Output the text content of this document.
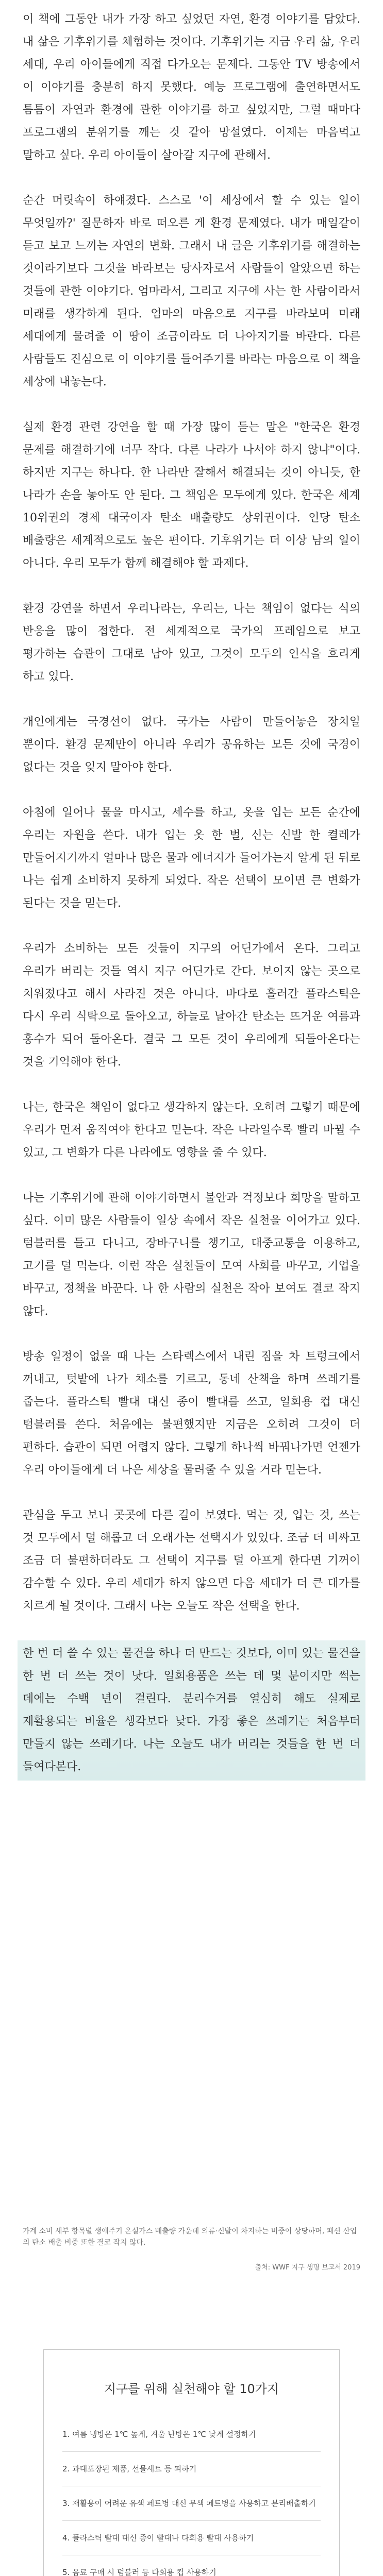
이 책에 그동안 내가 가장 하고 싶었던 자연, 환경 이야기를 담았다. 내 삶은 기후위기를 체험하는 것이다. 기후위기는 지금 우리 삶, 우리 세대, 우리 아이들에게 직접 다가오는 문제다. 그동안 TV 방송에서 이 이야기를 충분히 하지 못했다. 예능 프로그램에 출연하면서도 틈틈이 자연과 환경에 관한 이야기를 하고 싶었지만, 그럴 때마다 프로그램의 분위기를 깨는 것 같아 망설였다. 이제는 마음먹고 말하고 싶다. 우리 아이들이 살아갈 지구에 관해서.

순간 머릿속이 하얘졌다. 스스로 '이 세상에서 할 수 있는 일이 무엇일까?' 질문하자 바로 떠오른 게 환경 문제였다. 내가 매일같이 듣고 보고 느끼는 자연의 변화. 그래서 내 글은 기후위기를 해결하는 것이라기보다 그것을 바라보는 당사자로서 사람들이 알았으면 하는 것들에 관한 이야기다. 엄마라서, 그리고 지구에 사는 한 사람이라서 미래를 생각하게 된다. 엄마의 마음으로 지구를 바라보며 미래 세대에게 물려줄 이 땅이 조금이라도 더 나아지기를 바란다. 다른 사람들도 진심으로 이 이야기를 들어주기를 바라는 마음으로 이 책을 세상에 내놓는다.

실제 환경 관련 강연을 할 때 가장 많이 듣는 말은 "한국은 환경 문제를 해결하기에 너무 작다. 다른 나라가 나서야 하지 않냐"이다. 하지만 지구는 하나다. 한 나라만 잘해서 해결되는 것이 아니듯, 한 나라가 손을 놓아도 안 된다. 그 책임은 모두에게 있다. 한국은 세계 10위권의 경제 대국이자 탄소 배출량도 상위권이다. 인당 탄소 배출량은 세계적으로도 높은 편이다. 기후위기는 더 이상 남의 일이 아니다. 우리 모두가 함께 해결해야 할 과제다.

환경 강연을 하면서 우리나라는, 우리는, 나는 책임이 없다는 식의 반응을 많이 접한다. 전 세계적으로 국가의 프레임으로 보고 평가하는 습관이 그대로 남아 있고, 그것이 모두의 인식을 흐리게 하고 있다.

개인에게는 국경선이 없다. 국가는 사람이 만들어놓은 장치일 뿐이다. 환경 문제만이 아니라 우리가 공유하는 모든 것에 국경이 없다는 것을 잊지 말아야 한다.

아침에 일어나 물을 마시고, 세수를 하고, 옷을 입는 모든 순간에 우리는 자원을 쓴다. 내가 입는 옷 한 벌, 신는 신발 한 켤레가 만들어지기까지 얼마나 많은 물과 에너지가 들어가는지 알게 된 뒤로 나는 쉽게 소비하지 못하게 되었다. 작은 선택이 모이면 큰 변화가 된다는 것을 믿는다.

우리가 소비하는 모든 것들이 지구의 어딘가에서 온다. 그리고 우리가 버리는 것들 역시 지구 어딘가로 간다. 보이지 않는 곳으로 치워졌다고 해서 사라진 것은 아니다. 바다로 흘러간 플라스틱은 다시 우리 식탁으로 돌아오고, 하늘로 날아간 탄소는 뜨거운 여름과 홍수가 되어 돌아온다. 결국 그 모든 것이 우리에게 되돌아온다는 것을 기억해야 한다.

나는, 한국은 책임이 없다고 생각하지 않는다. 오히려 그렇기 때문에 우리가 먼저 움직여야 한다고 믿는다. 작은 나라일수록 빨리 바뀔 수 있고, 그 변화가 다른 나라에도 영향을 줄 수 있다.

나는 기후위기에 관해 이야기하면서 불안과 걱정보다 희망을 말하고 싶다. 이미 많은 사람들이 일상 속에서 작은 실천을 이어가고 있다. 텀블러를 들고 다니고, 장바구니를 챙기고, 대중교통을 이용하고, 고기를 덜 먹는다. 이런 작은 실천들이 모여 사회를 바꾸고, 기업을 바꾸고, 정책을 바꾼다. 나 한 사람의 실천은 작아 보여도 결코 작지 않다.

방송 일정이 없을 때 나는 스타렉스에서 내린 짐을 차 트렁크에서 꺼내고, 텃밭에 나가 채소를 기르고, 동네 산책을 하며 쓰레기를 줍는다. 플라스틱 빨대 대신 종이 빨대를 쓰고, 일회용 컵 대신 텀블러를 쓴다. 처음에는 불편했지만 지금은 오히려 그것이 더 편하다. 습관이 되면 어렵지 않다. 그렇게 하나씩 바꿔나가면 언젠가 우리 아이들에게 더 나은 세상을 물려줄 수 있을 거라 믿는다.

관심을 두고 보니 곳곳에 다른 길이 보였다. 먹는 것, 입는 것, 쓰는 것 모두에서 덜 해롭고 더 오래가는 선택지가 있었다. 조금 더 비싸고 조금 더 불편하더라도 그 선택이 지구를 덜 아프게 한다면 기꺼이 감수할 수 있다. 우리 세대가 하지 않으면 다음 세대가 더 큰 대가를 치르게 될 것이다. 그래서 나는 오늘도 작은 선택을 한다.

한 번 더 쓸 수 있는 물건을 하나 더 만드는 것보다, 이미 있는 물건을 한 번 더 쓰는 것이 낫다. 일회용품은 쓰는 데 몇 분이지만 썩는 데에는 수백 년이 걸린다. 분리수거를 열심히 해도 실제로 재활용되는 비율은 생각보다 낮다. 가장 좋은 쓰레기는 처음부터 만들지 않는 쓰레기다. 나는 오늘도 내가 버리는 것들을 한 번 더 들여다본다.

가계 소비 세부 항목별 생애주기 온실가스 배출량 가운데 의류·신발이 차지하는 비중이 상당하며, 패션 산업의 탄소 배출 비중 또한 결코 작지 않다.

출처: WWF 지구 생명 보고서 2019

지구를 위해 실천해야 할 10가지
1. 여름 냉방은 1℃ 높게, 겨울 난방은 1℃ 낮게 설정하기
2. 과대포장된 제품, 선물세트 등 피하기
3. 재활용이 어려운 유색 페트병 대신 무색 페트병을 사용하고 분리배출하기
4. 플라스틱 빨대 대신 종이 빨대나 다회용 빨대 사용하기
5. 음료 구매 시 텀블러 등 다회용 컵 사용하기
